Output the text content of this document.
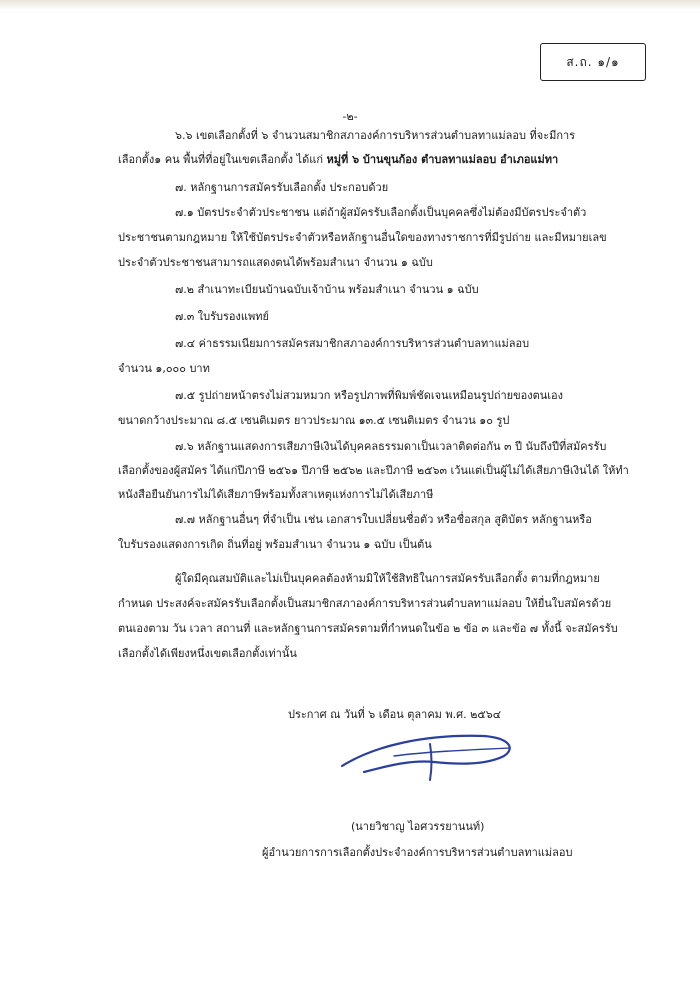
ส.ถ. ๑/๑
-๒-
๖.๖ เขตเลือกตั้งที่ ๖ จำนวนสมาชิกสภาองค์การบริหารส่วนตำบลทาแม่ลอบ ที่จะมีการ
เลือกตั้ง๑ คน พื้นที่ที่อยู่ในเขตเลือกตั้ง ได้แก่ หมู่ที่ ๖ บ้านขุนก้อง ตำบลทาแม่ลอบ อำเภอแม่ทา
๗. หลักฐานการสมัครรับเลือกตั้ง ประกอบด้วย
๗.๑ บัตรประจำตัวประชาชน แต่ถ้าผู้สมัครรับเลือกตั้งเป็นบุคคลซึ่งไม่ต้องมีบัตรประจำตัว
ประชาชนตามกฎหมาย ให้ใช้บัตรประจำตัวหรือหลักฐานอื่นใดของทางราชการที่มีรูปถ่าย และมีหมายเลข
ประจำตัวประชาชนสามารถแสดงตนได้พร้อมสำเนา จำนวน ๑ ฉบับ
๗.๒ สำเนาทะเบียนบ้านฉบับเจ้าบ้าน พร้อมสำเนา จำนวน ๑ ฉบับ
๗.๓ ใบรับรองแพทย์
๗.๔ ค่าธรรมเนียมการสมัครสมาชิกสภาองค์การบริหารส่วนตำบลทาแม่ลอบ
จำนวน ๑,๐๐๐ บาท
๗.๕ รูปถ่ายหน้าตรงไม่สวมหมวก หรือรูปภาพที่พิมพ์ชัดเจนเหมือนรูปถ่ายของตนเอง
ขนาดกว้างประมาณ ๘.๕ เซนติเมตร ยาวประมาณ ๑๓.๕ เซนติเมตร จำนวน ๑๐ รูป
๗.๖ หลักฐานแสดงการเสียภาษีเงินได้บุคคลธรรมดาเป็นเวลาติดต่อกัน ๓ ปี นับถึงปีที่สมัครรับ
เลือกตั้งของผู้สมัคร ได้แก่ปีภาษี ๒๕๖๑ ปีภาษี ๒๕๖๒ และปีภาษี ๒๕๖๓ เว้นแต่เป็นผู้ไม่ได้เสียภาษีเงินได้ ให้ทำ
หนังสือยืนยันการไม่ได้เสียภาษีพร้อมทั้งสาเหตุแห่งการไม่ได้เสียภาษี
๗.๗ หลักฐานอื่นๆ ที่จำเป็น เช่น เอกสารใบเปลี่ยนชื่อตัว หรือชื่อสกุล สูติบัตร หลักฐานหรือ
ใบรับรองแสดงการเกิด ถิ่นที่อยู่ พร้อมสำเนา จำนวน ๑ ฉบับ เป็นต้น
ผู้ใดมีคุณสมบัติและไม่เป็นบุคคลต้องห้ามมิให้ใช้สิทธิในการสมัครรับเลือกตั้ง ตามที่กฎหมาย
กำหนด ประสงค์จะสมัครรับเลือกตั้งเป็นสมาชิกสภาองค์การบริหารส่วนตำบลทาแม่ลอบ ให้ยื่นใบสมัครด้วย
ตนเองตาม วัน เวลา สถานที่ และหลักฐานการสมัครตามที่กำหนดในข้อ ๒ ข้อ ๓ และข้อ ๗ ทั้งนี้ จะสมัครรับ
เลือกตั้งได้เพียงหนึ่งเขตเลือกตั้งเท่านั้น
ประกาศ ณ วันที่ ๖ เดือน ตุลาคม พ.ศ. ๒๕๖๔
(นายวิชาญ ไอศวรรยานนท์)
ผู้อำนวยการการเลือกตั้งประจำองค์การบริหารส่วนตำบลทาแม่ลอบ
